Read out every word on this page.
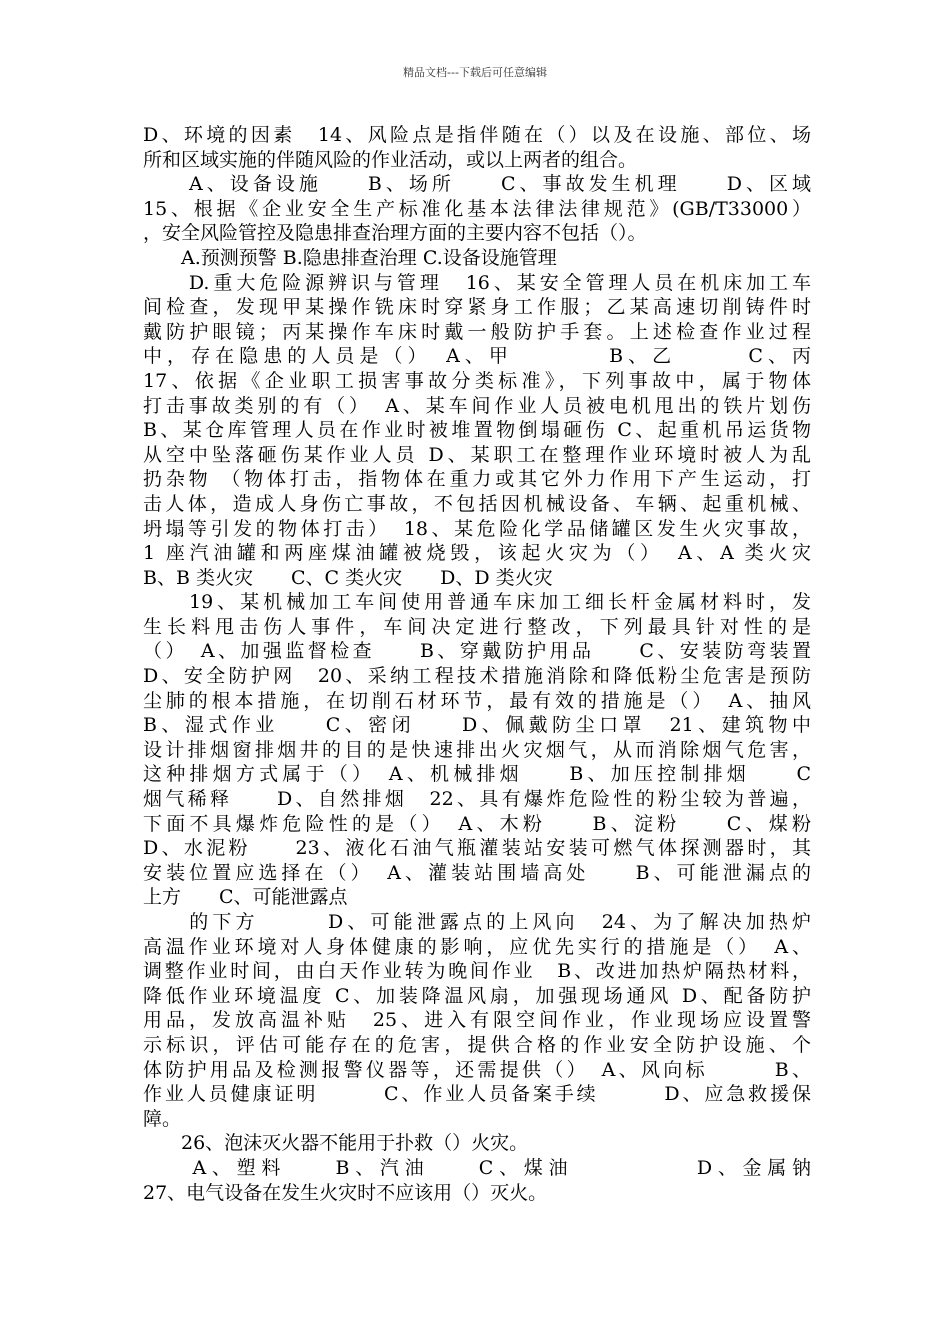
精品文档---下载后可任意编辑
D、环境的因素　14、风险点是指伴随在（）以及在设施、部位、场
所和区域实施的伴随风险的作业活动，或以上两者的组合。
　　A、设备设施　　B、场所　　C、事故发生机理　　D、区域
15、根据《企业安全生产标准化基本法律法律规范》(GB/T33000）
，安全风险管控及隐患排查治理方面的主要内容不包括（）。
　　A.预测预警 B.隐患排查治理 C.设备设施管理
　　D.重大危险源辨识与管理　16、某安全管理人员在机床加工车
间检查，发现甲某操作铣床时穿紧身工作服；乙某高速切削铸件时
戴防护眼镜；丙某操作车床时戴一般防护手套。上述检查作业过程
中，存在隐患的人员是（）　A、甲　　　　B、乙　　　C、丙
17、依据《企业职工损害事故分类标准》，下列事故中，属于物体
打击事故类别的有（）　A、某车间作业人员被电机甩出的铁片划伤
B、某仓库管理人员在作业时被堆置物倒塌砸伤 C、起重机吊运货物
从空中坠落砸伤某作业人员 D、某职工在整理作业环境时被人为乱
扔杂物 （物体打击，指物体在重力或其它外力作用下产生运动，打
击人体，造成人身伤亡事故，不包括因机械设备、车辆、起重机械、
坍塌等引发的物体打击）　18、某危险化学品储罐区发生火灾事故，
1 座汽油罐和两座煤油罐被烧毁，该起火灾为（）　A、A 类火灾
B、B 类火灾　　C、C 类火灾　　D、D 类火灾
　　19、某机械加工车间使用普通车床加工细长杆金属材料时，发
生长料甩击伤人事件，车间决定进行整改，下列最具针对性的是
（）　A、加强监督检查　　B、穿戴防护用品　　C、安装防弯装置
D、安全防护网　20、采纳工程技术措施消除和降低粉尘危害是预防
尘肺的根本措施，在切削石材环节，最有效的措施是（）　A、抽风
B、湿式作业　　C、密闭　　D、佩戴防尘口罩　21、建筑物中
设计排烟窗排烟井的目的是快速排出火灾烟气，从而消除烟气危害，
这种排烟方式属于（）　A、机械排烟　　B、加压控制排烟　　C
烟气稀释　　D、自然排烟　22、具有爆炸危险性的粉尘较为普遍，
下面不具爆炸危险性的是（）　A、木粉　　B、淀粉　　C、煤粉
D、水泥粉　　23、液化石油气瓶灌装站安装可燃气体探测器时，其
安装位置应选择在（）　A、灌装站围墙高处　　B、可能泄漏点的
上方　　C、可能泄露点
　　的下方　　　D、可能泄露点的上风向　24、为了解决加热炉
高温作业环境对人身体健康的影响，应优先实行的措施是（）　A、
调整作业时间，由白天作业转为晚间作业　B、改进加热炉隔热材料，
降低作业环境温度 C、加装降温风扇，加强现场通风 D、配备防护
用品，发放高温补贴　25、进入有限空间作业，作业现场应设置警
示标识，评估可能存在的危害，提供合格的作业安全防护设施、个
体防护用品及检测报警仪器等，还需提供（）　A、风向标　　　B、
作业人员健康证明　　　C、作业人员备案手续　　　D、应急救援保
障。
　　26、泡沫灭火器不能用于扑救（）火灾。
　　A、塑料　　B、汽油　　C、煤油　　　　　D、金属钠
27、电气设备在发生火灾时不应该用（）灭火。
